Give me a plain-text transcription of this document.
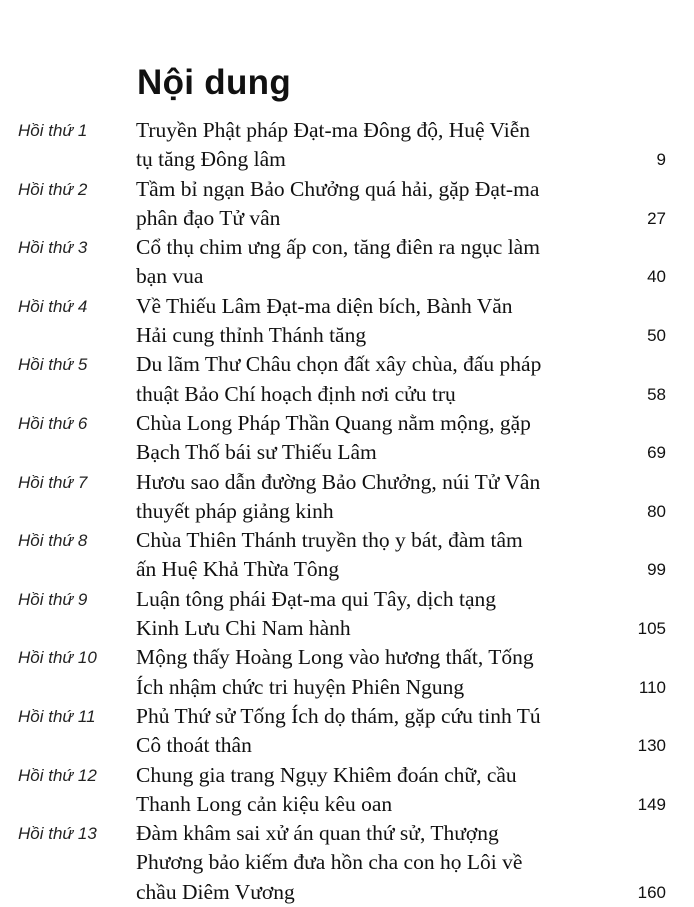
Nội dung
Hồi thứ 1 Truyền Phật pháp Đạt-ma Đông độ, Huệ Viễn
tụ tăng Đông lâm	9
Hồi thứ 2 Tầm bỉ ngạn Bảo Chưởng quá hải, gặp Đạt-ma
phân đạo Tử vân	27
Hồi thứ 3 Cổ thụ chim ưng ấp con, tăng điên ra ngục làm
bạn vua	40
Hồi thứ 4 Về Thiếu Lâm Đạt-ma diện bích, Bành Văn
Hải cung thỉnh Thánh tăng	50
Hồi thứ 5 Du lãm Thư Châu chọn đất xây chùa, đấu pháp
thuật Bảo Chí hoạch định nơi cửu trụ	58
Hồi thứ 6 Chùa Long Pháp Thần Quang nằm mộng, gặp
Bạch Thố bái sư Thiếu Lâm	69
Hồi thứ 7 Hươu sao dẫn đường Bảo Chưởng, núi Tử Vân
thuyết pháp giảng kinh	80
Hồi thứ 8 Chùa Thiên Thánh truyền thọ y bát, đàm tâm
ấn Huệ Khả Thừa Tông	99
Hồi thứ 9 Luận tông phái Đạt-ma qui Tây, dịch tạng
Kinh Lưu Chi Nam hành	105
Hồi thứ 10 Mộng thấy Hoàng Long vào hương thất, Tống
Ích nhậm chức tri huyện Phiên Ngung	110
Hồi thứ 11 Phủ Thứ sử Tống Ích dọ thám, gặp cứu tinh Tú
Cô thoát thân	130
Hồi thứ 12 Chung gia trang Ngụy Khiêm đoán chữ, cầu
Thanh Long cản kiệu kêu oan	149
Hồi thứ 13 Đàm khâm sai xử án quan thứ sử, Thượng
Phương bảo kiếm đưa hồn cha con họ Lôi về
chầu Diêm Vương	160
